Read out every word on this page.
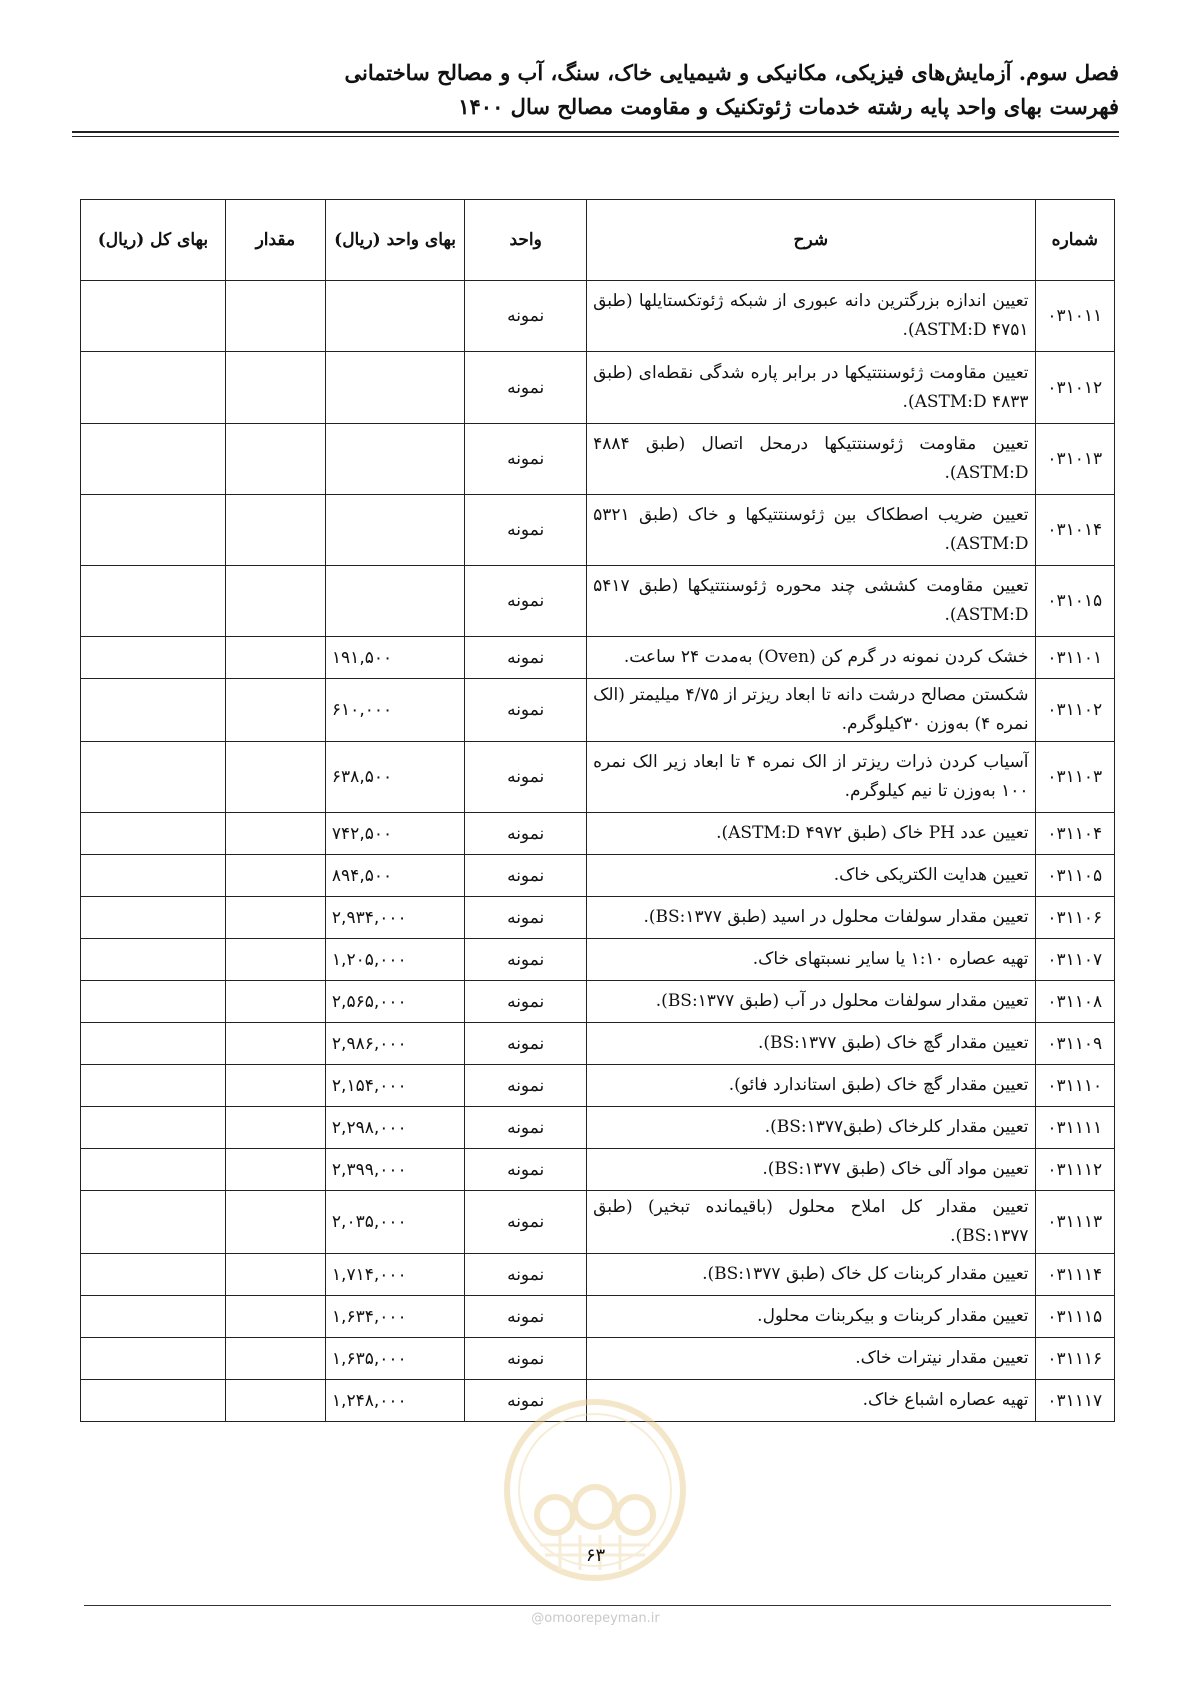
فصل سوم. آزمایش‌های فیزیکی، مکانیکی و شیمیایی خاک، سنگ، آب و مصالح ساختمانی
فهرست بهای واحد پایه رشته خدمات ژئوتکنیک و مقاومت مصالح سال ۱۴۰۰
شماره	شرح	واحد	بهای واحد (ریال)	مقدار	بهای کل (ریال)
۰۳۱۰۱۱	تعیین اندازه بزرگترین دانه عبوری از شبکه ژئوتکستایلها (طبق ASTM:D ۴۷۵۱).	نمونه			
۰۳۱۰۱۲	تعیین مقاومت ژئوسنتتیکها در برابر پاره شدگی نقطه‌ای (طبق ASTM:D ۴۸۳۳).	نمونه			
۰۳۱۰۱۳	تعیین مقاومت ژئوسنتتیکها درمحل اتصال (طبق ۴۸۸۴ ASTM:D).	نمونه			
۰۳۱۰۱۴	تعیین ضریب اصطکاک بین ژئوسنتتیکها و خاک (طبق ۵۳۲۱ ASTM:D).	نمونه			
۰۳۱۰۱۵	تعیین مقاومت کششی چند محوره ژئوسنتتیکها (طبق ۵۴۱۷ ASTM:D).	نمونه			
۰۳۱۱۰۱	خشک کردن نمونه در گرم کن (Oven) به‌مدت ۲۴ ساعت.	نمونه	۱۹۱,۵۰۰		
۰۳۱۱۰۲	شکستن مصالح درشت دانه تا ابعاد ریزتر از ۴/۷۵ میلیمتر (الک نمره ۴) به‌وزن ۳۰کیلوگرم.	نمونه	۶۱۰,۰۰۰		
۰۳۱۱۰۳	آسیاب کردن ذرات ریزتر از الک نمره ۴ تا ابعاد زیر الک نمره ۱۰۰ به‌وزن تا نیم کیلوگرم.	نمونه	۶۳۸,۵۰۰		
۰۳۱۱۰۴	تعیین عدد PH خاک (طبق ASTM:D ۴۹۷۲).	نمونه	۷۴۲,۵۰۰		
۰۳۱۱۰۵	تعیین هدایت الکتریکی خاک.	نمونه	۸۹۴,۵۰۰		
۰۳۱۱۰۶	تعیین مقدار سولفات محلول در اسید (طبق BS:۱۳۷۷).	نمونه	۲,۹۳۴,۰۰۰		
۰۳۱۱۰۷	تهیه عصاره ۱:۱۰ یا سایر نسبتهای خاک.	نمونه	۱,۲۰۵,۰۰۰		
۰۳۱۱۰۸	تعیین مقدار سولفات محلول در آب (طبق BS:۱۳۷۷).	نمونه	۲,۵۶۵,۰۰۰		
۰۳۱۱۰۹	تعیین مقدار گچ خاک (طبق BS:۱۳۷۷).	نمونه	۲,۹۸۶,۰۰۰		
۰۳۱۱۱۰	تعیین مقدار گچ خاک (طبق استاندارد فائو).	نمونه	۲,۱۵۴,۰۰۰		
۰۳۱۱۱۱	تعیین مقدار کلرخاک (طبقBS:۱۳۷۷).	نمونه	۲,۲۹۸,۰۰۰		
۰۳۱۱۱۲	تعیین مواد آلی خاک (طبق BS:۱۳۷۷).	نمونه	۲,۳۹۹,۰۰۰		
۰۳۱۱۱۳	تعیین مقدار کل املاح محلول (باقیمانده تبخیر) (طبق BS:۱۳۷۷).	نمونه	۲,۰۳۵,۰۰۰		
۰۳۱۱۱۴	تعیین مقدار کربنات کل خاک (طبق BS:۱۳۷۷).	نمونه	۱,۷۱۴,۰۰۰		
۰۳۱۱۱۵	تعیین مقدار کربنات و بیکربنات محلول.	نمونه	۱,۶۳۴,۰۰۰		
۰۳۱۱۱۶	تعیین مقدار نیترات خاک.	نمونه	۱,۶۳۵,۰۰۰		
۰۳۱۱۱۷	تهیه عصاره اشباع خاک.	نمونه	۱,۲۴۸,۰۰۰		
۶۳
@omoorepeyman.ir
